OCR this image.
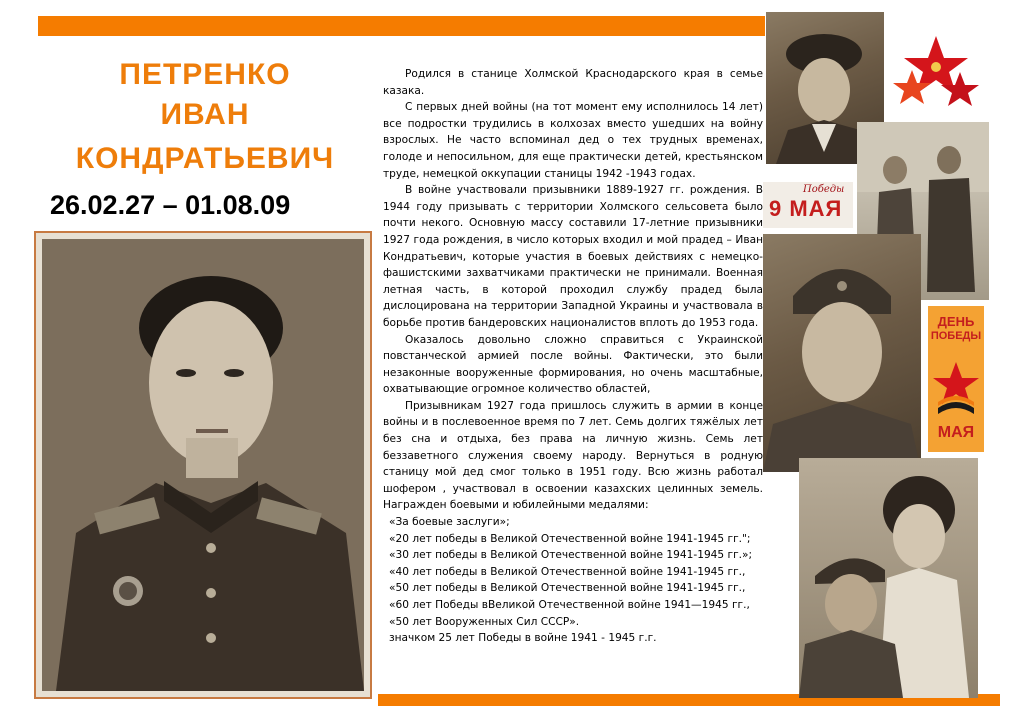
ПЕТРЕНКО
ИВАН
КОНДРАТЬЕВИЧ
26.02.27 – 01.08.09

Родился в станице Холмской Краснодарского края в семье казака.

С первых дней войны (на тот момент ему исполнилось 14 лет) все подростки трудились в колхозах вместо ушедших на войну взрослых. Не часто вспоминал дед о тех трудных временах, голоде и непосильном, для еще практически детей, крестьянском труде, немецкой оккупации станицы 1942 -1943 годах.

В войне участвовали призывники 1889-1927 гг. рождения. В 1944 году призывать с территории Холмского сельсовета было почти некого. Основную массу составили 17-летние призывники 1927 года рождения, в число которых входил и мой прадед – Иван Кондратьевич, которые участия в боевых действиях с немецко-фашистскими захватчиками практически не принимали. Военная летная часть, в которой проходил службу прадед была дислоцирована на территории Западной Украины и участвовала в борьбе против бандеровских националистов вплоть до 1953 года.

Оказалось довольно сложно справиться с Украинской повстанческой армией после войны. Фактически, это были незаконные вооруженные формирования, но очень масштабные, охватывающие огромное количество областей,

Призывникам 1927 года пришлось служить в армии в конце войны и в послевоенное время по 7 лет. Семь долгих тяжёлых лет без сна и отдыха, без права на личную жизнь. Семь лет беззаветного служения своему народу. Вернуться в родную станицу мой дед смог только в 1951 году. Всю жизнь работал шофером , участвовал в освоении казахских целинных земель. Награжден боевыми и юбилейными медалями:

«За боевые заслуги»;
«20 лет победы в Великой Отечественной войне 1941-1945 гг.";
«30 лет победы в Великой Отечественной войне 1941-1945 гг.»;
«40 лет победы в Великой Отечественной войне 1941-1945 гг.,
«50 лет победы в Великой Отечественной войне 1941-1945 гг.,
«60 лет Победы вВеликой Отечественной войне 1941—1945 гг.,
«50 лет Вооруженных Сил СССР».
значком 25 лет Победы в войне 1941 - 1945 г.г.
Победы
9 МАЯ
ДЕНЬ
ПОБЕДЫ
МАЯ
